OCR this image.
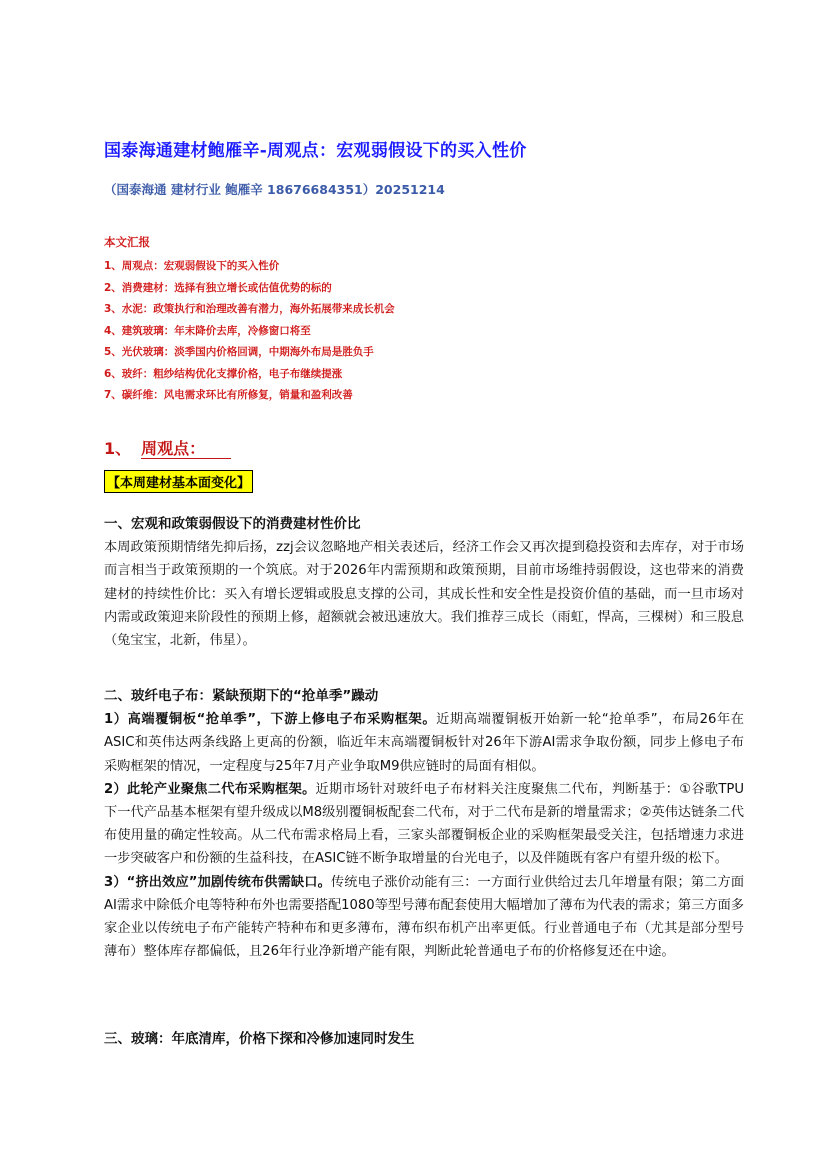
国泰海通建材鲍雁辛-周观点：宏观弱假设下的买入性价
（国泰海通 建材行业 鲍雁辛 18676684351）20251214
本文汇报
1、周观点：宏观弱假设下的买入性价
2、消费建材：选择有独立增长或估值优势的标的
3、水泥：政策执行和治理改善有潜力，海外拓展带来成长机会
4、建筑玻璃：年末降价去库，冷修窗口将至
5、光伏玻璃：淡季国内价格回调，中期海外布局是胜负手
6、玻纤：粗纱结构优化支撑价格，电子布继续提涨
7、碳纤维：风电需求环比有所修复，销量和盈利改善
1、 周观点：
【本周建材基本面变化】

一、宏观和政策弱假设下的消费建材性价比

本周政策预期情绪先抑后扬，zzj会议忽略地产相关表述后，经济工作会又再次提到稳投资和去库存，对于市场而言相当于政策预期的一个筑底。对于2026年内需预期和政策预期，目前市场维持弱假设，这也带来的消费建材的持续性价比：买入有增长逻辑或股息支撑的公司，其成长性和安全性是投资价值的基础，而一旦市场对内需或政策迎来阶段性的预期上修，超额就会被迅速放大。我们推荐三成长（雨虹，悍高，三棵树）和三股息（兔宝宝，北新，伟星）。

二、玻纤电子布：紧缺预期下的“抢单季”躁动

1）高端覆铜板“抢单季”，下游上修电子布采购框架。近期高端覆铜板开始新一轮“抢单季”，布局26年在ASIC和英伟达两条线路上更高的份额，临近年末高端覆铜板针对26年下游AI需求争取份额，同步上修电子布采购框架的情况，一定程度与25年7月产业争取M9供应链时的局面有相似。

2）此轮产业聚焦二代布采购框架。近期市场针对玻纤电子布材料关注度聚焦二代布，判断基于：①谷歌TPU下一代产品基本框架有望升级成以M8级别覆铜板配套二代布，对于二代布是新的增量需求；②英伟达链条二代布使用量的确定性较高。从二代布需求格局上看，三家头部覆铜板企业的采购框架最受关注，包括增速力求进一步突破客户和份额的生益科技，在ASIC链不断争取增量的台光电子，以及伴随既有客户有望升级的松下。

3）“挤出效应”加剧传统布供需缺口。传统电子涨价动能有三：一方面行业供给过去几年增量有限；第二方面AI需求中除低介电等特种布外也需要搭配1080等型号薄布配套使用大幅增加了薄布为代表的需求；第三方面多家企业以传统电子布产能转产特种布和更多薄布，薄布织布机产出率更低。行业普通电子布（尤其是部分型号薄布）整体库存都偏低，且26年行业净新增产能有限，判断此轮普通电子布的价格修复还在中途。

三、玻璃：年底清库，价格下探和冷修加速同时发生
